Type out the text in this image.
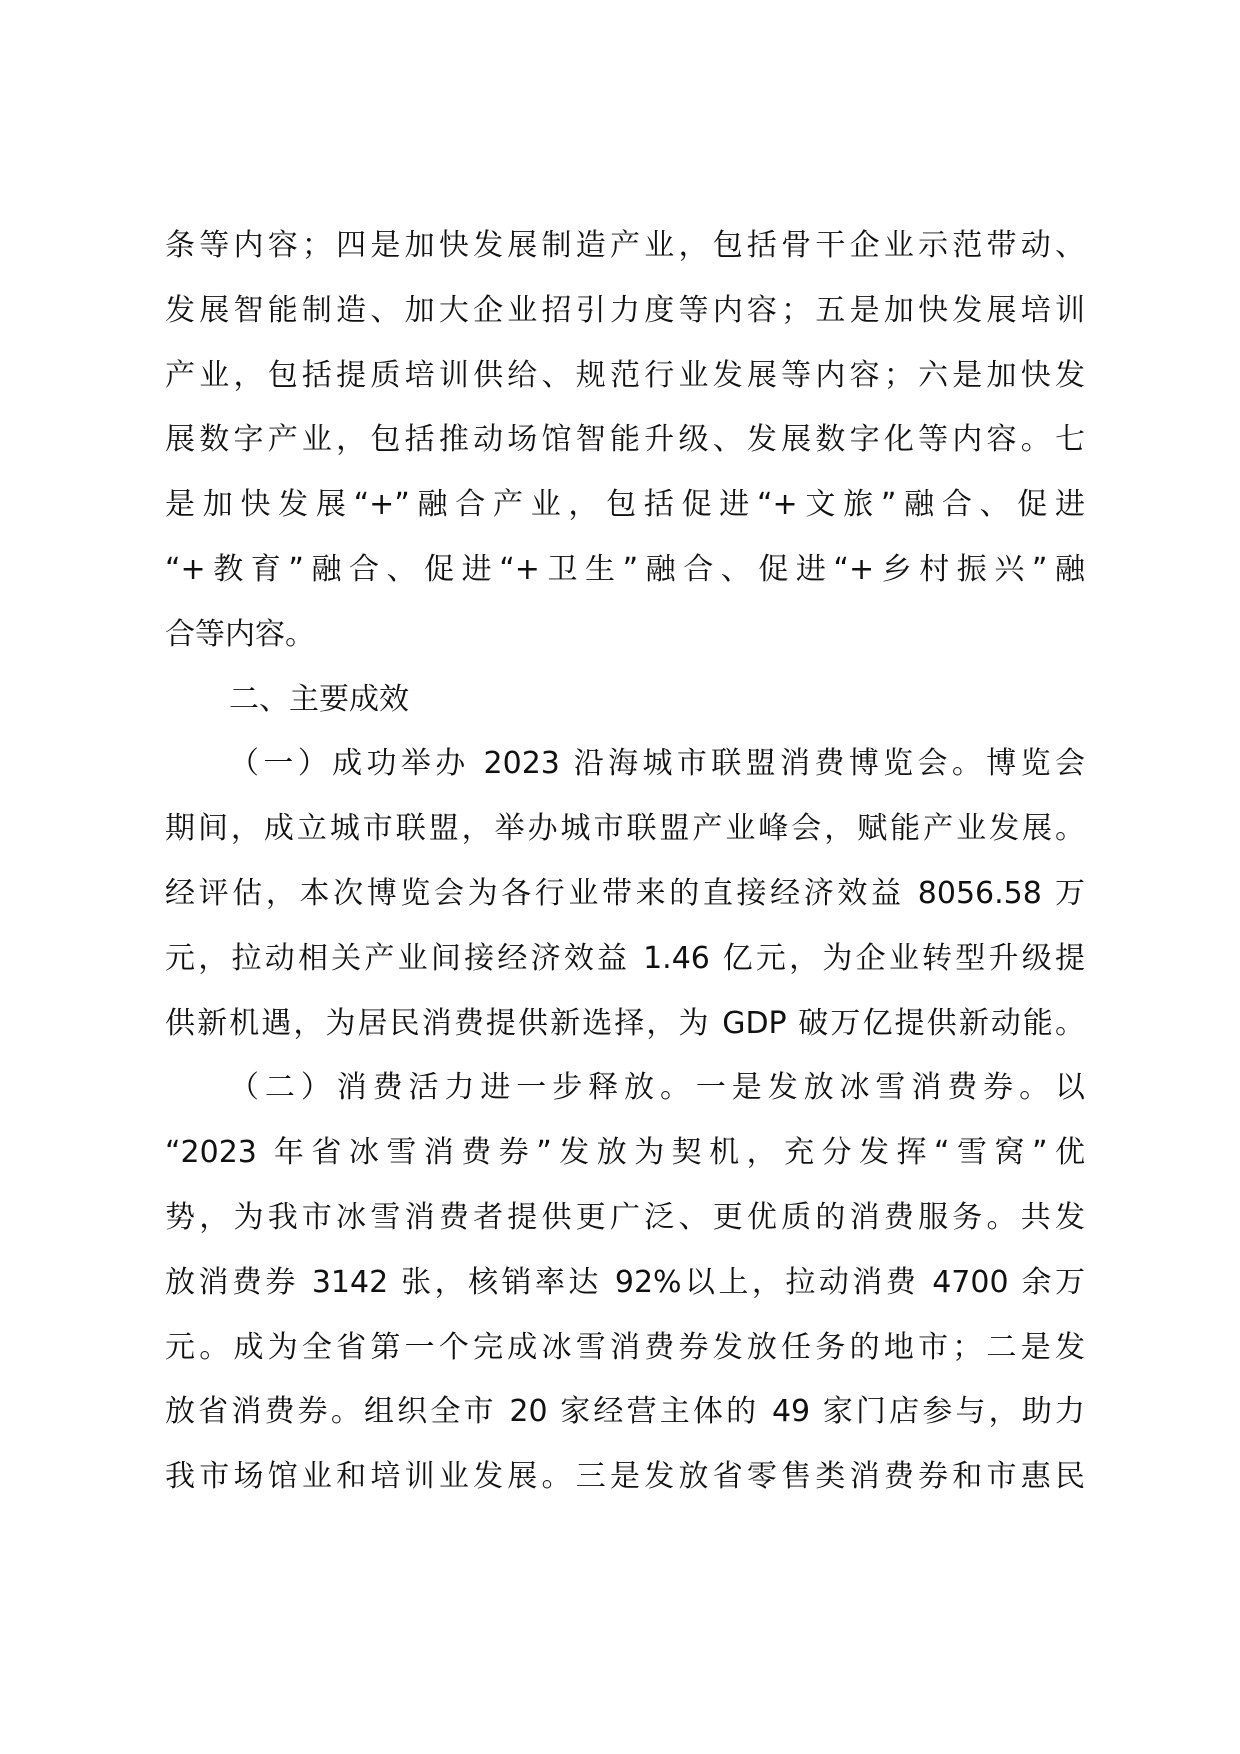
条等内容；四是加快发展制造产业，包括骨干企业示范带动、
发展智能制造、加大企业招引力度等内容；五是加快发展培训
产业，包括提质培训供给、规范行业发展等内容；六是加快发
展数字产业，包括推动场馆智能升级、发展数字化等内容。七
是加快发展“+”融合产业，包括促进“+文旅”融合、促进
“+教育”融合、促进“+卫生”融合、促进“+乡村振兴”融
合等内容。
二、主要成效
（一）成功举办 2023 沿海城市联盟消费博览会。博览会
期间，成立城市联盟，举办城市联盟产业峰会，赋能产业发展。
经评估，本次博览会为各行业带来的直接经济效益 8056.58 万
元，拉动相关产业间接经济效益 1.46 亿元，为企业转型升级提
供新机遇，为居民消费提供新选择，为 GDP 破万亿提供新动能。
（二）消费活力进一步释放。一是发放冰雪消费券。以
“2023 年省冰雪消费券”发放为契机，充分发挥“雪窝”优
势，为我市冰雪消费者提供更广泛、更优质的消费服务。共发
放消费券 3142 张，核销率达 92%以上，拉动消费 4700 余万
元。成为全省第一个完成冰雪消费券发放任务的地市；二是发
放省消费券。组织全市 20 家经营主体的 49 家门店参与，助力
我市场馆业和培训业发展。三是发放省零售类消费券和市惠民
